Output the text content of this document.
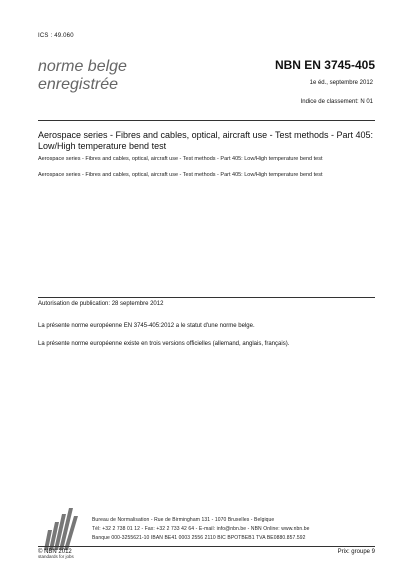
ICS : 49.060
norme belge
enregistrée
NBN EN 3745-405
1e éd., septembre 2012
Indice de classement: N 01
Aerospace series - Fibres and cables, optical, aircraft use - Test methods - Part 405: Low/High temperature bend test
Aerospace series - Fibres and cables, optical, aircraft use - Test methods - Part 405: Low/High temperature bend test
Aerospace series - Fibres and cables, optical, aircraft use - Test methods - Part 405: Low/High temperature bend test
Autorisation de publication: 28 septembre 2012
La présente norme européenne EN 3745-405:2012 a le statut d'une norme belge.
La présente norme européenne existe en trois versions officielles (allemand, anglais, français).
standards for jobs
Bureau de Normalisation - Rue de Birmingham 131 - 1070 Bruxelles - Belgique
Tél: +32 2 738 01 12 - Fax: +32 2 733 42 64 - E-mail: info@nbn.be - NBN Online: www.nbn.be
Banque 000-3255621-10 IBAN BE41 0003 2556 2110 BIC BPOTBEB1 TVA BE0880.857.592
© NBN 2012	Prix: groupe 9
